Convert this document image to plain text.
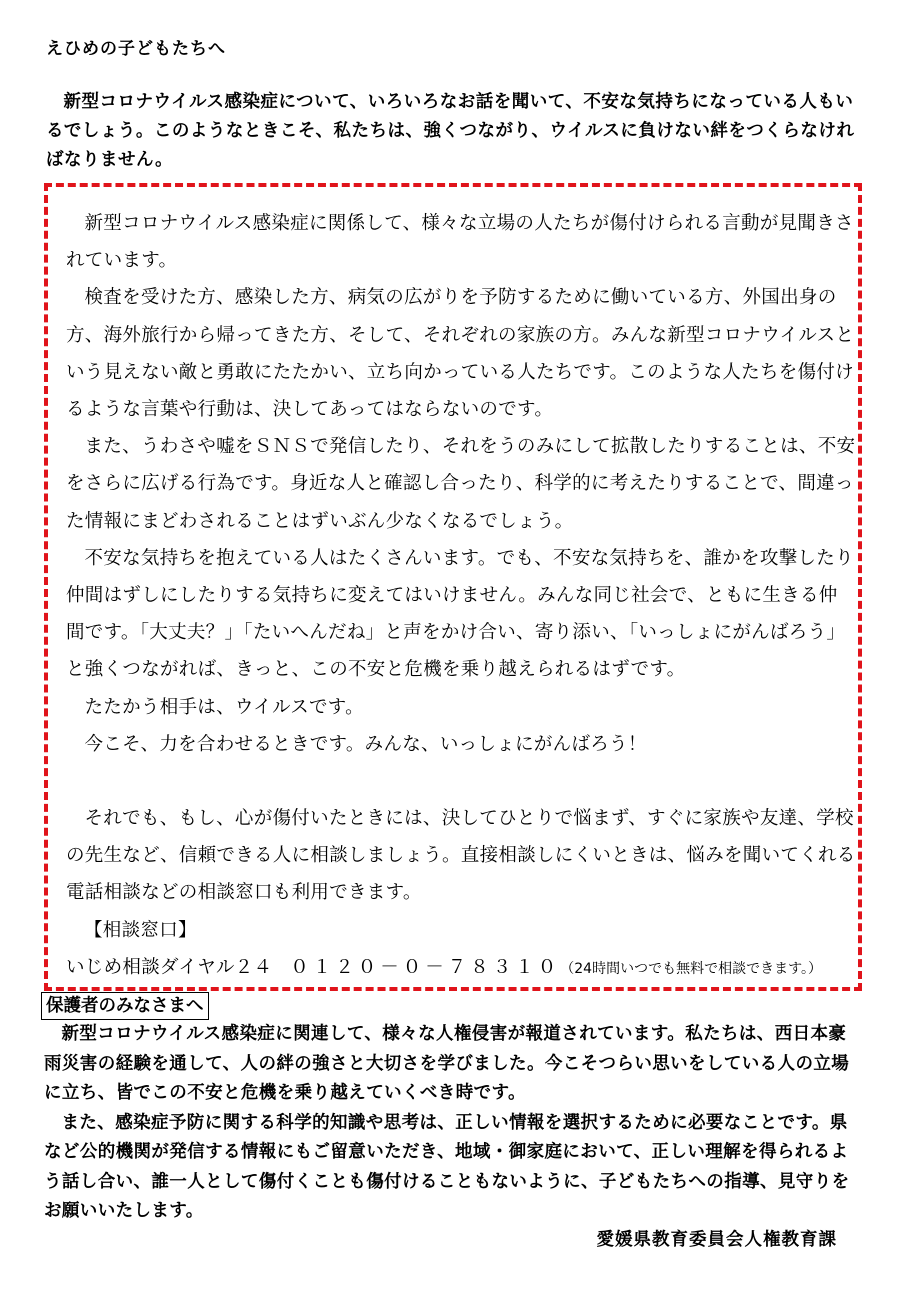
えひめの子どもたちへ

新型コロナウイルス感染症について、いろいろなお話を聞いて、不安な気持ちになっている人もいるでしょう。このようなときこそ、私たちは、強くつながり、ウイルスに負けない絆をつくらなければなりません。

新型コロナウイルス感染症に関係して、様々な立場の人たちが傷付けられる言動が見聞きされています。

検査を受けた方、感染した方、病気の広がりを予防するために働いている方、外国出身の方、海外旅行から帰ってきた方、そして、それぞれの家族の方。みんな新型コロナウイルスという見えない敵と勇敢にたたかい、立ち向かっている人たちです。このような人たちを傷付けるような言葉や行動は、決してあってはならないのです。

また、うわさや嘘をＳＮＳで発信したり、それをうのみにして拡散したりすることは、不安をさらに広げる行為です。身近な人と確認し合ったり、科学的に考えたりすることで、間違った情報にまどわされることはずいぶん少なくなるでしょう。

不安な気持ちを抱えている人はたくさんいます。でも、不安な気持ちを、誰かを攻撃したり仲間はずしにしたりする気持ちに変えてはいけません。みんな同じ社会で、ともに生きる仲間です。「大丈夫？」「たいへんだね」と声をかけ合い、寄り添い、「いっしょにがんばろう」と強くつながれば、きっと、この不安と危機を乗り越えられるはずです。

たたかう相手は、ウイルスです。

今こそ、力を合わせるときです。みんな、いっしょにがんばろう！

それでも、もし、心が傷付いたときには、決してひとりで悩まず、すぐに家族や友達、学校の先生など、信頼できる人に相談しましょう。直接相談しにくいときは、悩みを聞いてくれる電話相談などの相談窓口も利用できます。

【相談窓口】
いじめ相談ダイヤル２４ ０１２０－０－７８３１０（24時間いつでも無料で相談できます。）
保護者のみなさまへ

新型コロナウイルス感染症に関連して、様々な人権侵害が報道されています。私たちは、西日本豪雨災害の経験を通して、人の絆の強さと大切さを学びました。今こそつらい思いをしている人の立場に立ち、皆でこの不安と危機を乗り越えていくべき時です。

また、感染症予防に関する科学的知識や思考は、正しい情報を選択するために必要なことです。県など公的機関が発信する情報にもご留意いただき、地域・御家庭において、正しい理解を得られるよう話し合い、誰一人として傷付くことも傷付けることもないように、子どもたちへの指導、見守りをお願いいたします。

愛媛県教育委員会人権教育課
